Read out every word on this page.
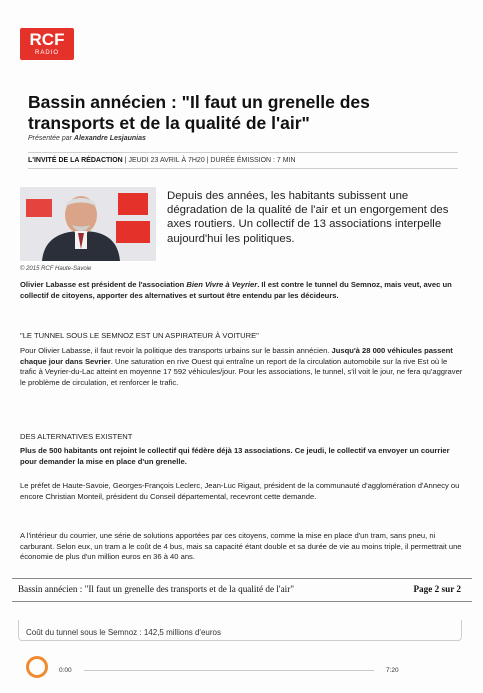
RCF
RADIO
Bassin annécien : "Il faut un grenelle des transports et de la qualité de l'air"
Présentée par Alexandre Lesjaunias
L'INVITÉ DE LA RÉDACTION | JEUDI 23 AVRIL À 7H20 | DURÉE ÉMISSION : 7 MIN
© 2015 RCF Haute-Savoie
Depuis des années, les habitants subissent une dégradation de la qualité de l'air et un engorgement des axes routiers. Un collectif de 13 associations interpelle aujourd'hui les politiques.
Olivier Labasse est président de l'association Bien Vivre à Veyrier. Il est contre le tunnel du Semnoz, mais veut, avec un collectif de citoyens, apporter des alternatives et surtout être entendu par les décideurs.
"LE TUNNEL SOUS LE SEMNOZ EST UN ASPIRATEUR À VOITURE"
Pour Olivier Labasse, il faut revoir la politique des transports urbains sur le bassin annécien. Jusqu'à 28 000 véhicules passent chaque jour dans Sevrier. Une saturation en rive Ouest qui entraîne un report de la circulation automobile sur la rive Est où le trafic à Veyrier-du-Lac atteint en moyenne 17 592 véhicules/jour. Pour les associations, le tunnel, s'il voit le jour, ne fera qu'aggraver le problème de circulation, et renforcer le trafic.
DES ALTERNATIVES EXISTENT
Plus de 500 habitants ont rejoint le collectif qui fédère déjà 13 associations. Ce jeudi, le collectif va envoyer un courrier pour demander la mise en place d'un grenelle.
Le préfet de Haute-Savoie, Georges-François Leclerc, Jean-Luc Rigaut, président de la communauté d'agglomération d'Annecy ou encore Christian Monteil, président du Conseil départemental, recevront cette demande.
A l'intérieur du courrier, une série de solutions apportées par ces citoyens, comme la mise en place d'un tram, sans pneu, ni carburant. Selon eux, un tram a le coût de 4 bus, mais sa capacité étant double et sa durée de vie au moins triple, il permettrait une économie de plus d'un million euros en 36 à 40 ans.
Bassin annécien : "Il faut un grenelle des transports et de la qualité de l'air"	Page 2 sur 2
Coût du tunnel sous le Semnoz : 142,5 millions d'euros
0:00	7:20
